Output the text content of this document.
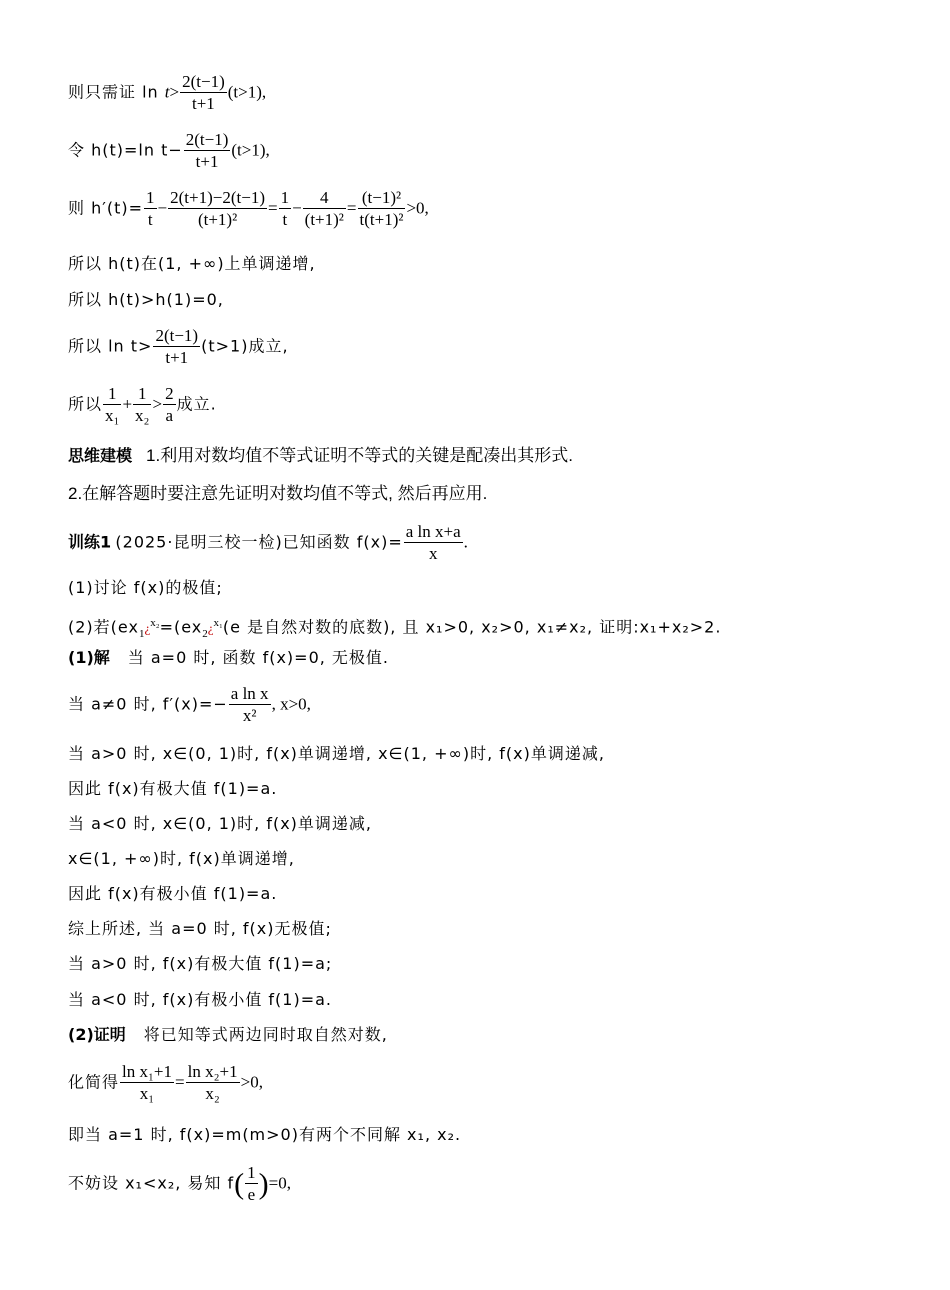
则只需证 $\ln t> \frac{2(t-1)}{t+1} (t>1)$,
令 h(t)=ln $t- \frac{2(t-1)}{t+1} (t>1)$,
则 $h'(t)= \frac{1}{t} - \frac{2(t+1)-2(t-1)}{\text{(t+1)²}} = \frac{1}{t} - \frac{4}{\text{(t+1)²}} = \frac{\text{(t−1)²}}{\text{t(t+1)²}} >0$,
所以 h(t)在(1, +∞)上单调递增,
所以 h(t)>h(1)=0,
所以 $\ln t> \frac{2(t-1)}{t+1} (t>1)$成立,
所以 $\frac{1}{\text{x₁}} + \frac{1}{\text{x₂}} > \frac{2}{a}$ 成立.
思维建模 1.利用对数均值不等式证明不等式的关键是配凑出其形式.
2.在解答题时要注意先证明对数均值不等式, 然后再应用.
训练1 (2025·昆明三校一检)已知函数 $f(x)= \frac{\text{a ln x+a}}{x}$ .
(1)讨论 f(x)的极值;
(2)若($ex_1¿^{x_2}=(ex_2¿^{x_1}(e$ 是自然对数的底数), 且 x₁>0, x₂>0, x₁≠x₂, 证明:x₁+x₂>2.
(1)解 当 a=0 时, 函数 f(x)=0, 无极值.
当 a≠0 时, $f'(x)=- \frac{\text{a ln x}}{\text{x²}}$ , x>0,
当 a>0 时, x∈(0, 1)时, f(x)单调递增, x∈(1, +∞)时, f(x)单调递减,
因此 f(x)有极大值 f(1)=a.
当 a<0 时, x∈(0, 1)时, f(x)单调递减,
x∈(1, +∞)时, f(x)单调递增,
因此 f(x)有极小值 f(1)=a.
综上所述, 当 a=0 时, f(x)无极值;
当 a>0 时, f(x)有极大值 f(1)=a;
当 a<0 时, f(x)有极小值 f(1)=a.
(2)证明 将已知等式两边同时取自然对数,
化简得 $\frac{\text{ln x₁+1}}{\text{x₁}} = \frac{\text{ln x₂+1}}{\text{x₂}} >0$,
即当 a=1 时, f(x)=m(m>0)有两个不同解 x₁, x₂.
不妨设 x₁<x₂, 易知 $f( \frac{1}{e} )=0$,
